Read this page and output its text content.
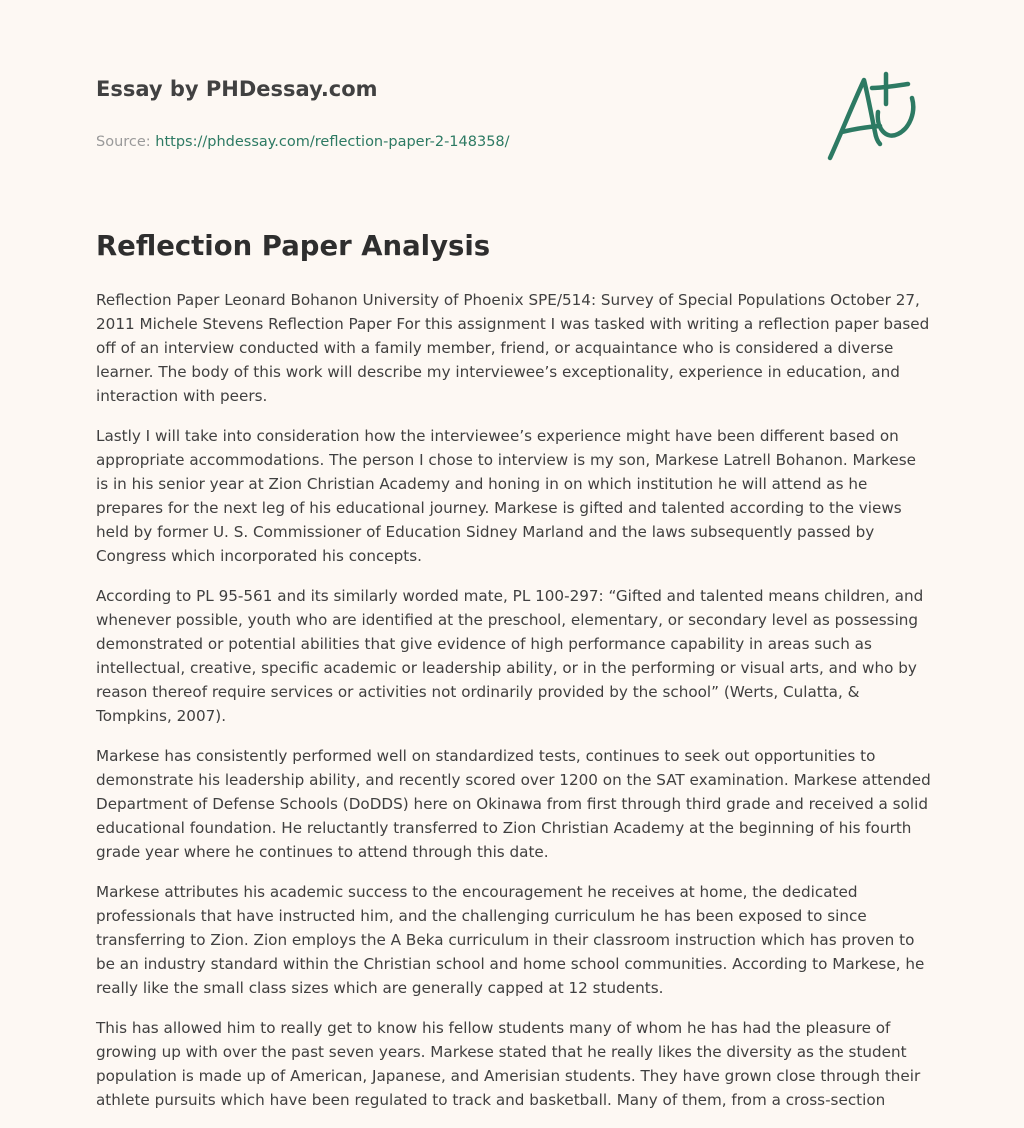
Essay by PHDessay.com
Source: https://phdessay.com/reflection-paper-2-148358/
Reflection Paper Analysis

Reflection Paper Leonard Bohanon University of Phoenix SPE/514: Survey of Special Populations October 27, 2011 Michele Stevens Reflection Paper For this assignment I was tasked with writing a reflection paper based off of an interview conducted with a family member, friend, or acquaintance who is considered a diverse learner. The body of this work will describe my interviewee’s exceptionality, experience in education, and interaction with peers.

Lastly I will take into consideration how the interviewee’s experience might have been different based on appropriate accommodations. The person I chose to interview is my son, Markese Latrell Bohanon. Markese is in his senior year at Zion Christian Academy and honing in on which institution he will attend as he prepares for the next leg of his educational journey. Markese is gifted and talented according to the views held by former U. S. Commissioner of Education Sidney Marland and the laws subsequently passed by Congress which incorporated his concepts.

According to PL 95-561 and its similarly worded mate, PL 100-297: “Gifted and talented means children, and whenever possible, youth who are identified at the preschool, elementary, or secondary level as possessing demonstrated or potential abilities that give evidence of high performance capability in areas such as intellectual, creative, specific academic or leadership ability, or in the performing or visual arts, and who by reason thereof require services or activities not ordinarily provided by the school” (Werts, Culatta, & Tompkins, 2007).

Markese has consistently performed well on standardized tests, continues to seek out opportunities to demonstrate his leadership ability, and recently scored over 1200 on the SAT examination. Markese attended Department of Defense Schools (DoDDS) here on Okinawa from first through third grade and received a solid educational foundation. He reluctantly transferred to Zion Christian Academy at the beginning of his fourth grade year where he continues to attend through this date.

Markese attributes his academic success to the encouragement he receives at home, the dedicated professionals that have instructed him, and the challenging curriculum he has been exposed to since transferring to Zion. Zion employs the A Beka curriculum in their classroom instruction which has proven to be an industry standard within the Christian school and home school communities. According to Markese, he really like the small class sizes which are generally capped at 12 students.

This has allowed him to really get to know his fellow students many of whom he has had the pleasure of growing up with over the past seven years. Markese stated that he really likes the diversity as the student population is made up of American, Japanese, and Amerisian students. They have grown close through their athlete pursuits which have been regulated to track and basketball. Many of them, from a cross-section
